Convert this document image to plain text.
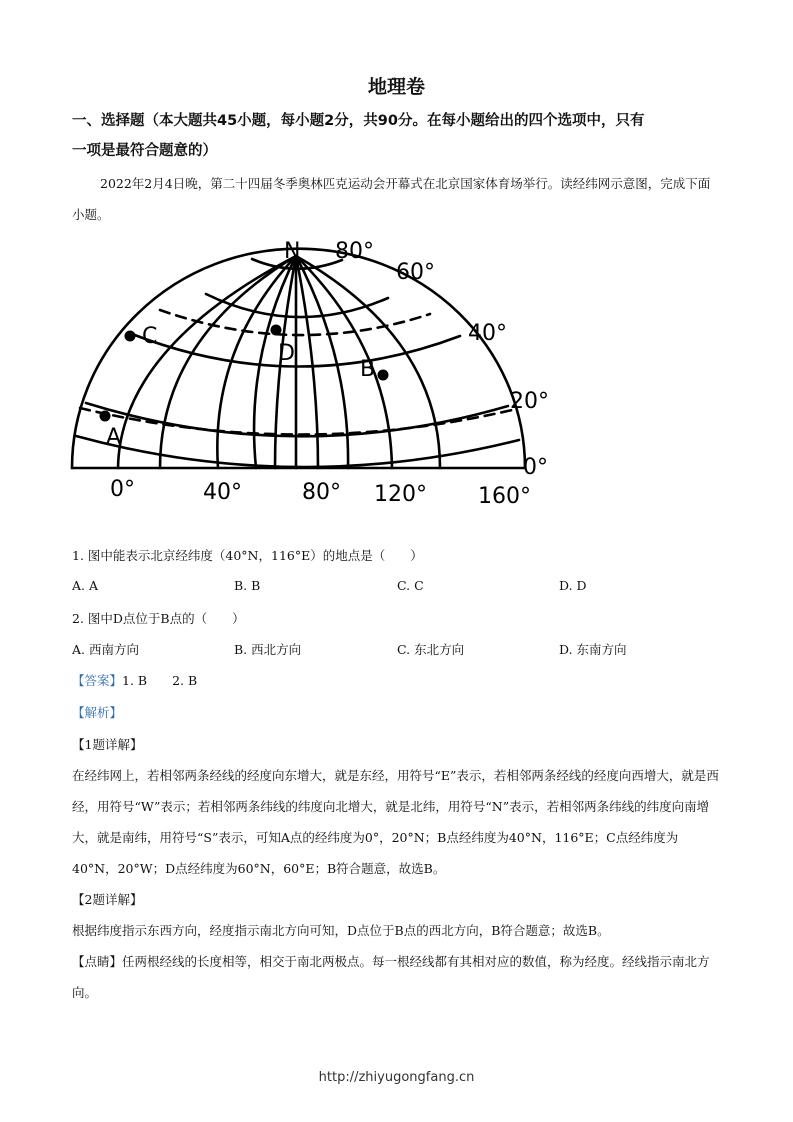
地理卷
一、选择题（本大题共45小题，每小题2分，共90分。在每小题给出的四个选项中，只有
一项是最符合题意的）
2022年2月4日晚，第二十四届冬季奥林匹克运动会开幕式在北京国家体育场举行。读经纬网示意图，完成下面小题。
N 80°
60°
40°
20°
0°
0°	40°	80° 120° 160°
A
B
C
D
1. 图中能表示北京经纬度（40°N，116°E）的地点是（　　）
A. A	B. B	C. C	D. D
2. 图中D点位于B点的（　　）
A. 西南方向	B. 西北方向	C. 东北方向	D. 东南方向
【答案】1. B　　2. B
【解析】
【1题详解】
在经纬网上，若相邻两条经线的经度向东增大，就是东经，用符号“E”表示，若相邻两条经线的经度向西增大，就是西经，用符号“W”表示；若相邻两条纬线的纬度向北增大，就是北纬，用符号“N”表示，若相邻两条纬线的纬度向南增大，就是南纬，用符号“S”表示，可知A点的经纬度为0°，20°N；B点经纬度为40°N，116°E；C点经纬度为40°N，20°W；D点经纬度为60°N，60°E；B符合题意，故选B。
【2题详解】
根据纬度指示东西方向，经度指示南北方向可知，D点位于B点的西北方向，B符合题意；故选B。
【点睛】任两根经线的长度相等，相交于南北两极点。每一根经线都有其相对应的数值，称为经度。经线指示南北方向。
http://zhiyugongfang.cn
